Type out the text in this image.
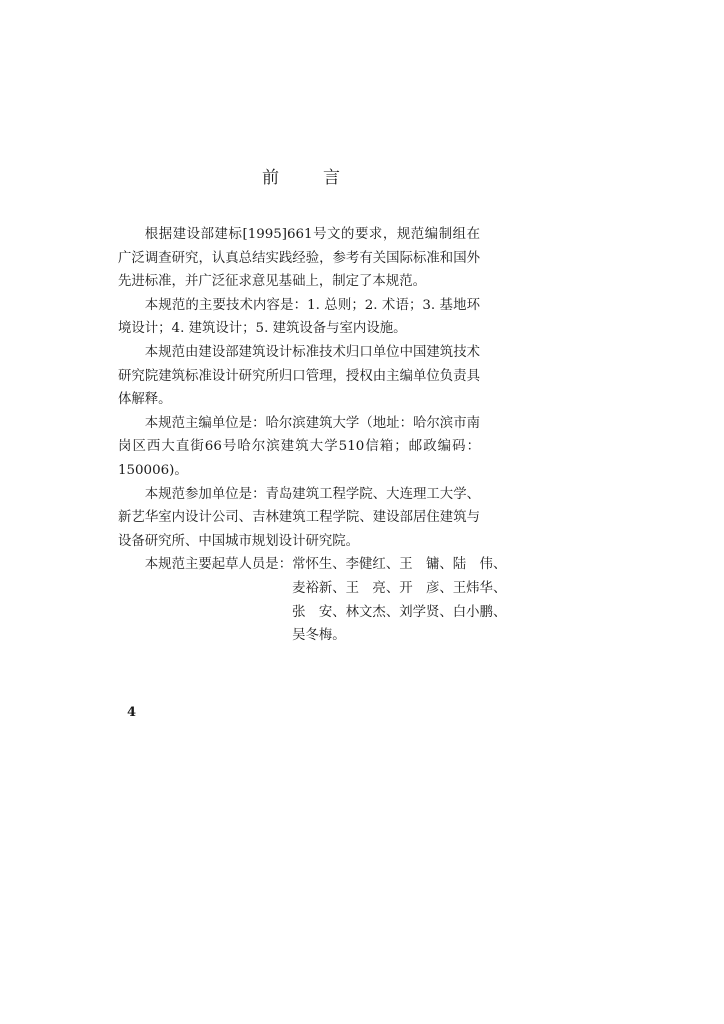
前	言

根据建设部建标[1995]661号文的要求，规范编制组在广泛调查研究，认真总结实践经验，参考有关国际标准和国外先进标准，并广泛征求意见基础上，制定了本规范。

本规范的主要技术内容是：1. 总则；2. 术语；3. 基地环境设计；4. 建筑设计；5. 建筑设备与室内设施。

本规范由建设部建筑设计标准技术归口单位中国建筑技术研究院建筑标准设计研究所归口管理，授权由主编单位负责具体解释。

本规范主编单位是：哈尔滨建筑大学（地址：哈尔滨市南岗区西大直街66号哈尔滨建筑大学510信箱；邮政编码：150006)。

本规范参加单位是：青岛建筑工程学院、大连理工大学、新艺华室内设计公司、吉林建筑工程学院、建设部居住建筑与设备研究所、中国城市规划设计研究院。

本规范主要起草人员是： 常怀生、李健红、王　镛、陆　伟、
麦裕新、王　亮、开　彦、王炜华、
张　安、林文杰、刘学贤、白小鹏、
吴冬梅。
4
